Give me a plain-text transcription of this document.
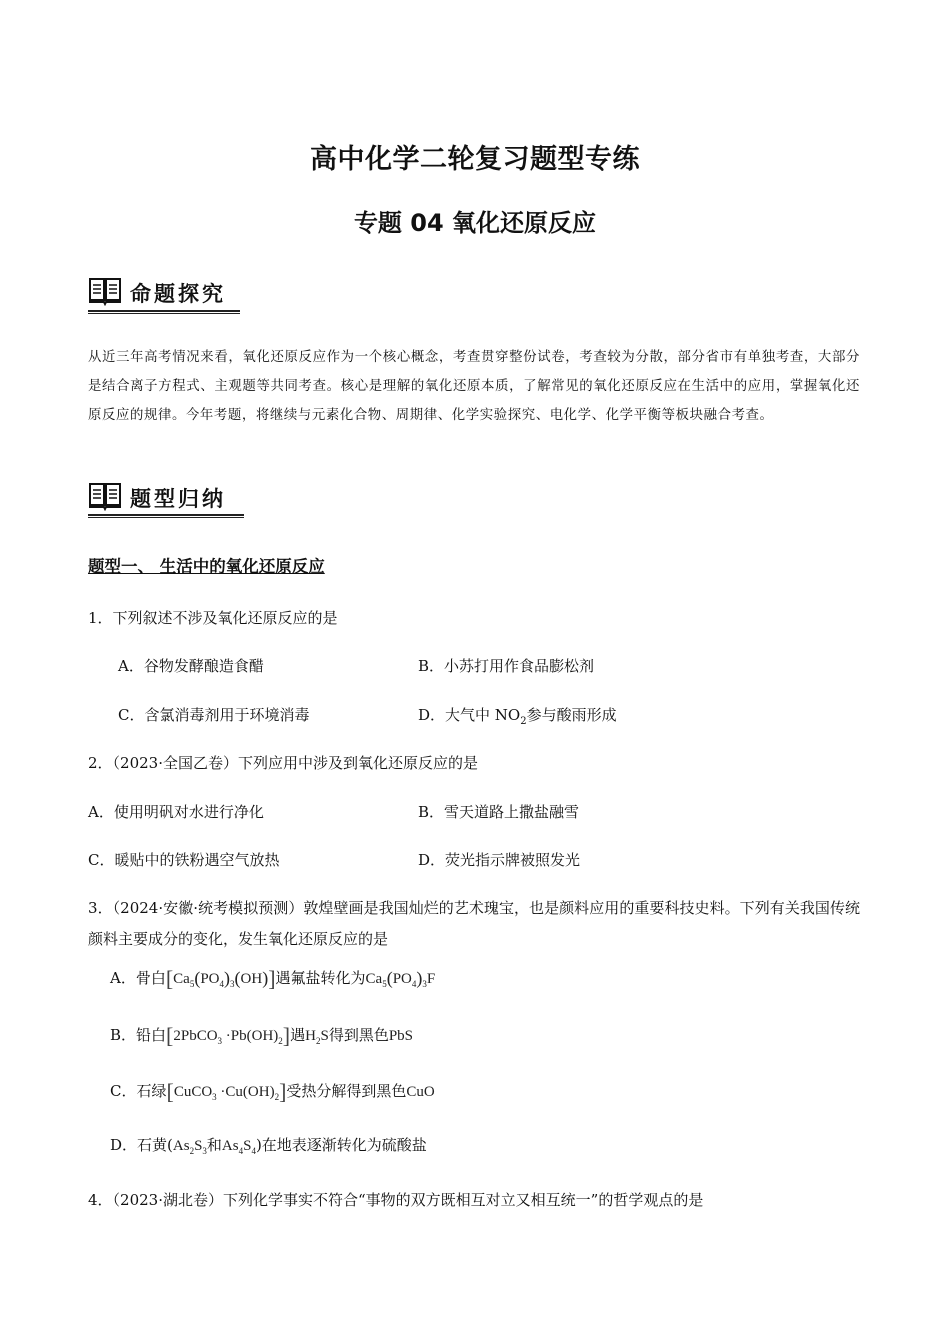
高中化学二轮复习题型专练
专题 04 氧化还原反应
命题探究
从近三年高考情况来看，氧化还原反应作为一个核心概念，考查贯穿整份试卷，考查较为分散，部分省市有单独考查，大部分是结合离子方程式、主观题等共同考查。核心是理解的氧化还原本质，了解常见的氧化还原反应在生活中的应用，掌握氧化还原反应的规律。今年考题，将继续与元素化合物、周期律、化学实验探究、电化学、化学平衡等板块融合考查。
题型归纳
题型一、 生活中的氧化还原反应
1．下列叙述不涉及氧化还原反应的是
A．谷物发酵酿造食醋	B．小苏打用作食品膨松剂
C．含氯消毒剂用于环境消毒	D．大气中 $NO_2$参与酸雨形成
2．（2023·全国乙卷）下列应用中涉及到氧化还原反应的是
A．使用明矾对水进行净化	B．雪天道路上撒盐融雪
C．暖贴中的铁粉遇空气放热	D．荧光指示牌被照发光
3．（2024·安徽·统考模拟预测）敦煌壁画是我国灿烂的艺术瑰宝，也是颜料应用的重要科技史料。下列有关我国传统颜料主要成分的变化，发生氧化还原反应的是
A．骨白$[Ca_5(PO_4)_3(OH)]$遇氟盐转化为$Ca_5(PO_4)_3F$
B．铅白[2PbCO$_3$ $\cdot Pb(OH)_2$]遇$H_2S$得到黑色PbS
C．石绿[CuCO$_3$ $\cdot Cu(OH)_2$]受热分解得到黑色CuO
D．石黄($As_2S_3$和$As_4S_4$)在地表逐渐转化为硫酸盐
4．（2023·湖北卷）下列化学事实不符合“事物的双方既相互对立又相互统一”的哲学观点的是
